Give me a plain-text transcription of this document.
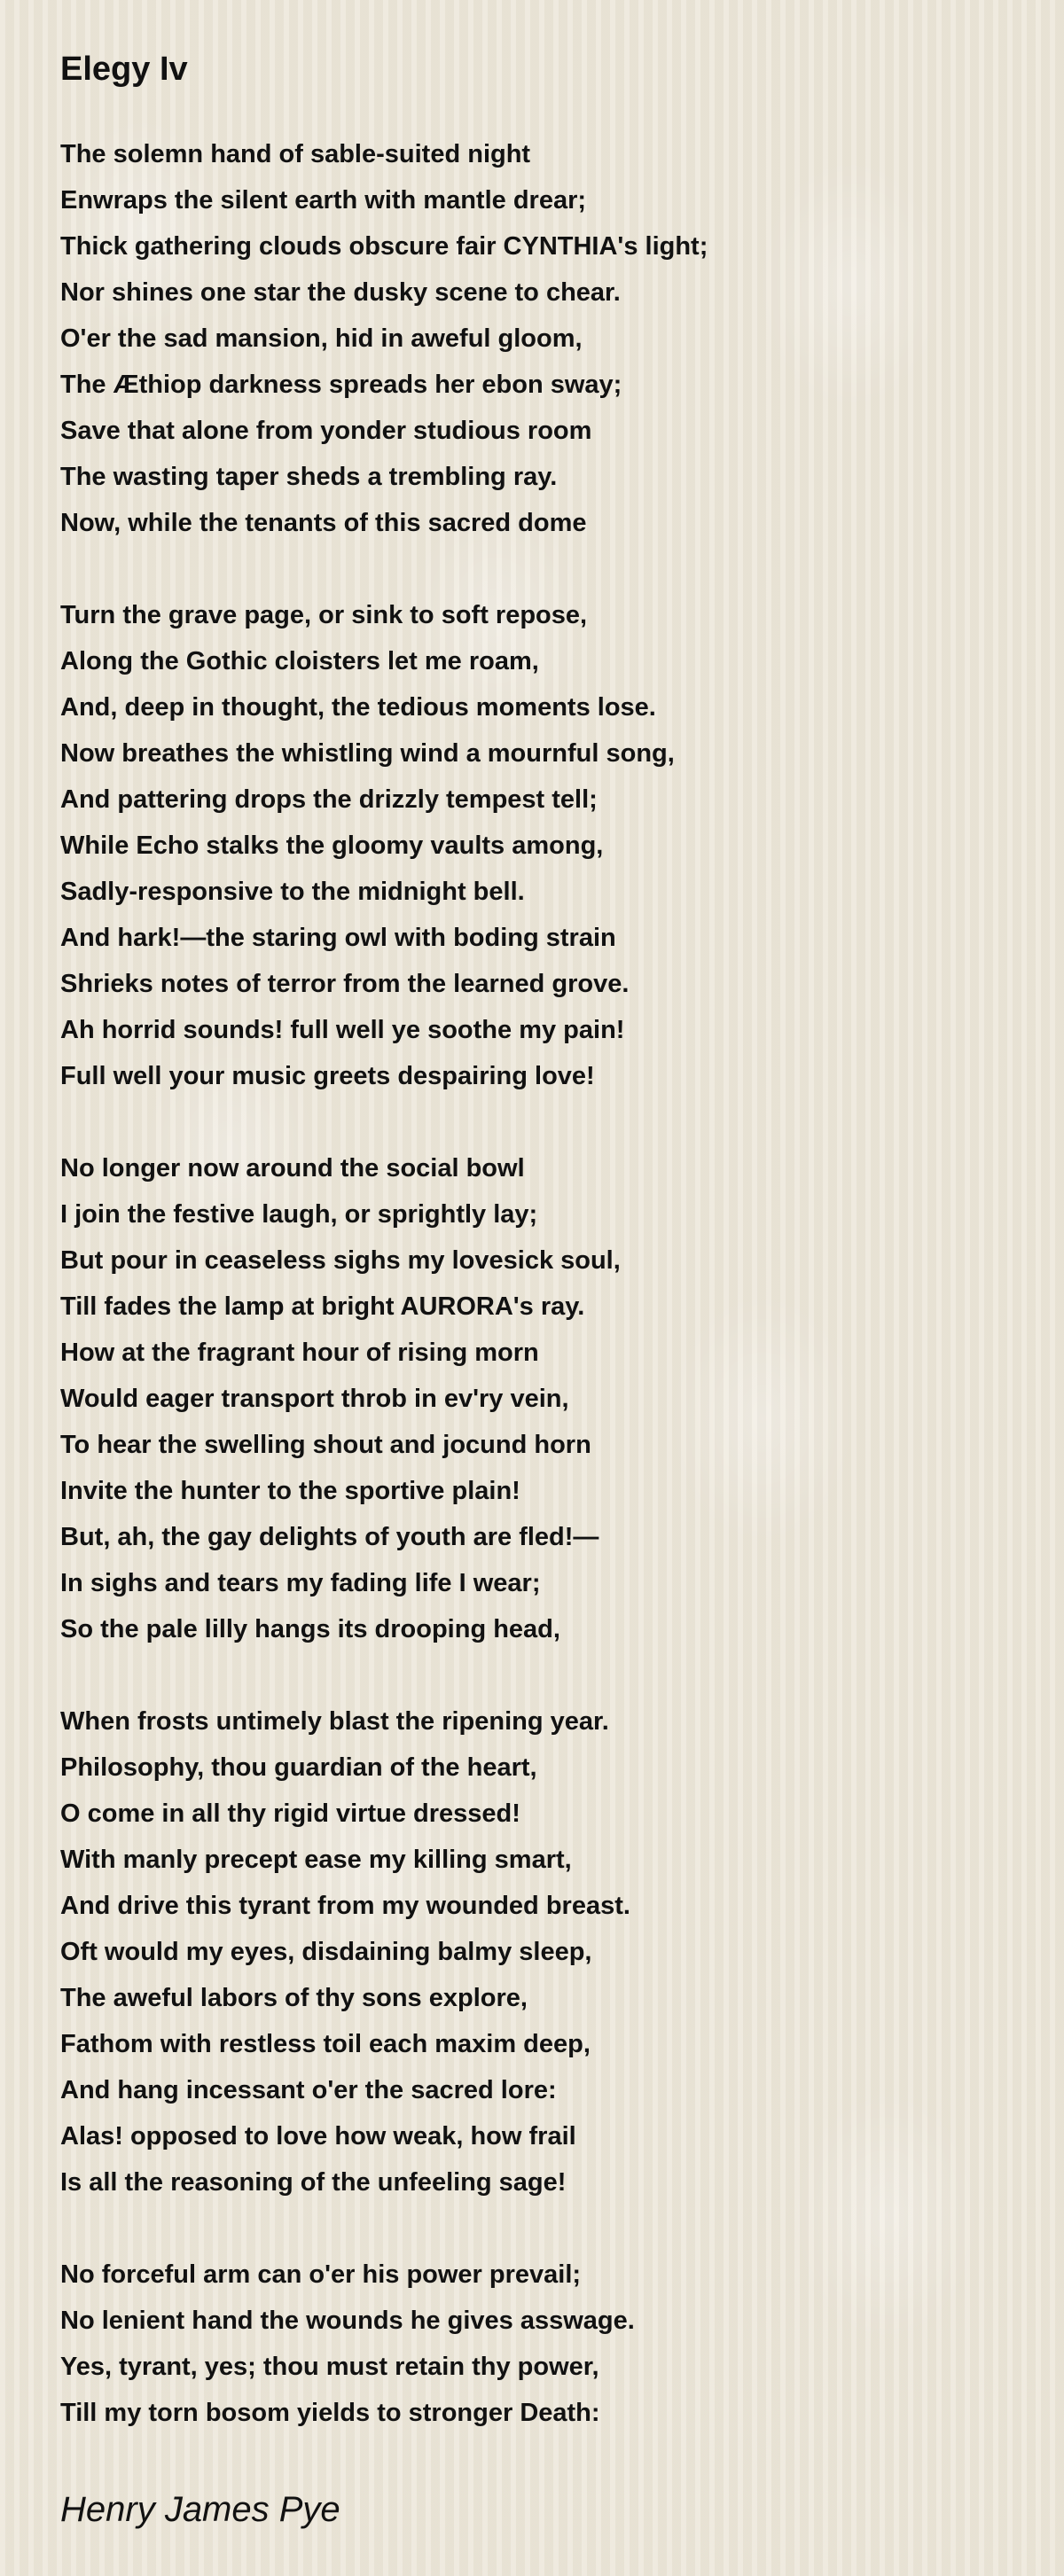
Elegy Iv
The solemn hand of sable-suited night
Enwraps the silent earth with mantle drear;
Thick gathering clouds obscure fair CYNTHIA's light;
Nor shines one star the dusky scene to chear.
O'er the sad mansion, hid in aweful gloom,
The Æthiop darkness spreads her ebon sway;
Save that alone from yonder studious room
The wasting taper sheds a trembling ray.
Now, while the tenants of this sacred dome
Turn the grave page, or sink to soft repose,
Along the Gothic cloisters let me roam,
And, deep in thought, the tedious moments lose.
Now breathes the whistling wind a mournful song,
And pattering drops the drizzly tempest tell;
While Echo stalks the gloomy vaults among,
Sadly-responsive to the midnight bell.
And hark!—the staring owl with boding strain
Shrieks notes of terror from the learned grove.
Ah horrid sounds! full well ye soothe my pain!
Full well your music greets despairing love!
No longer now around the social bowl
I join the festive laugh, or sprightly lay;
But pour in ceaseless sighs my lovesick soul,
Till fades the lamp at bright AURORA's ray.
How at the fragrant hour of rising morn
Would eager transport throb in ev'ry vein,
To hear the swelling shout and jocund horn
Invite the hunter to the sportive plain!
But, ah, the gay delights of youth are fled!—
In sighs and tears my fading life I wear;
So the pale lilly hangs its drooping head,
When frosts untimely blast the ripening year.
Philosophy, thou guardian of the heart,
O come in all thy rigid virtue dressed!
With manly precept ease my killing smart,
And drive this tyrant from my wounded breast.
Oft would my eyes, disdaining balmy sleep,
The aweful labors of thy sons explore,
Fathom with restless toil each maxim deep,
And hang incessant o'er the sacred lore:
Alas! opposed to love how weak, how frail
Is all the reasoning of the unfeeling sage!
No forceful arm can o'er his power prevail;
No lenient hand the wounds he gives asswage.
Yes, tyrant, yes; thou must retain thy power,
Till my torn bosom yields to stronger Death:
Henry James Pye
